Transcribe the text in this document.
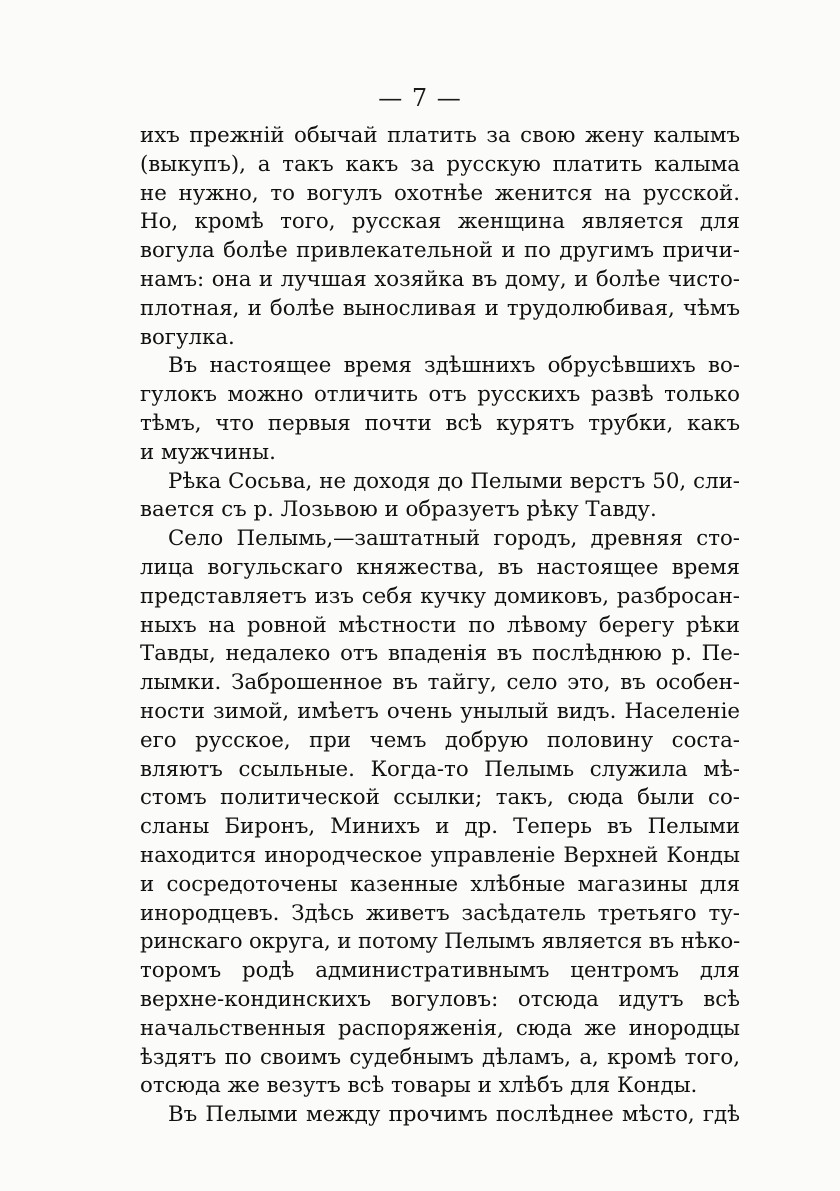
— 7 —
ихъ прежній обычай платить за свою жену калымъ
(выкупъ), а такъ какъ за русскую платить калыма
не нужно, то вогулъ охотнѣе женится на русской.
Но, кромѣ того, русская женщина является для
вогула болѣе привлекательной и по другимъ причи-
намъ: она и лучшая хозяйка въ дому, и болѣе чисто-
плотная, и болѣе выносливая и трудолюбивая, чѣмъ
вогулка.
Въ настоящее время здѣшнихъ обрусѣвшихъ во-
гулокъ можно отличить отъ русскихъ развѣ только
тѣмъ, что первыя почти всѣ курятъ трубки, какъ
и мужчины.
Рѣка Сосьва, не доходя до Пелыми верстъ 50, сли-
вается съ р. Лозьвою и образуетъ рѣку Тавду.
Село Пелымь,—заштатный городъ, древняя сто-
лица вогульскаго княжества, въ настоящее время
представляетъ изъ себя кучку домиковъ, разбросан-
ныхъ на ровной мѣстности по лѣвому берегу рѣки
Тавды, недалеко отъ впаденія въ послѣднюю р. Пе-
лымки. Заброшенное въ тайгу, село это, въ особен-
ности зимой, имѣетъ очень унылый видъ. Населеніе
его русское, при чемъ добрую половину соста-
вляютъ ссыльные. Когда-то Пелымь служила мѣ-
стомъ политической ссылки; такъ, сюда были со-
сланы Биронъ, Минихъ и др. Теперь въ Пелыми
находится инородческое управленіе Верхней Конды
и сосредоточены казенные хлѣбные магазины для
инородцевъ. Здѣсь живетъ засѣдатель третьяго ту-
ринскаго округа, и потому Пелымъ является въ нѣко-
торомъ родѣ административнымъ центромъ для
верхне-кондинскихъ вогуловъ: отсюда идутъ всѣ
начальственныя распоряженія, сюда же инородцы
ѣздятъ по своимъ судебнымъ дѣламъ, а, кромѣ того,
отсюда же везутъ всѣ товары и хлѣбъ для Конды.
Въ Пелыми между прочимъ послѣднее мѣсто, гдѣ
